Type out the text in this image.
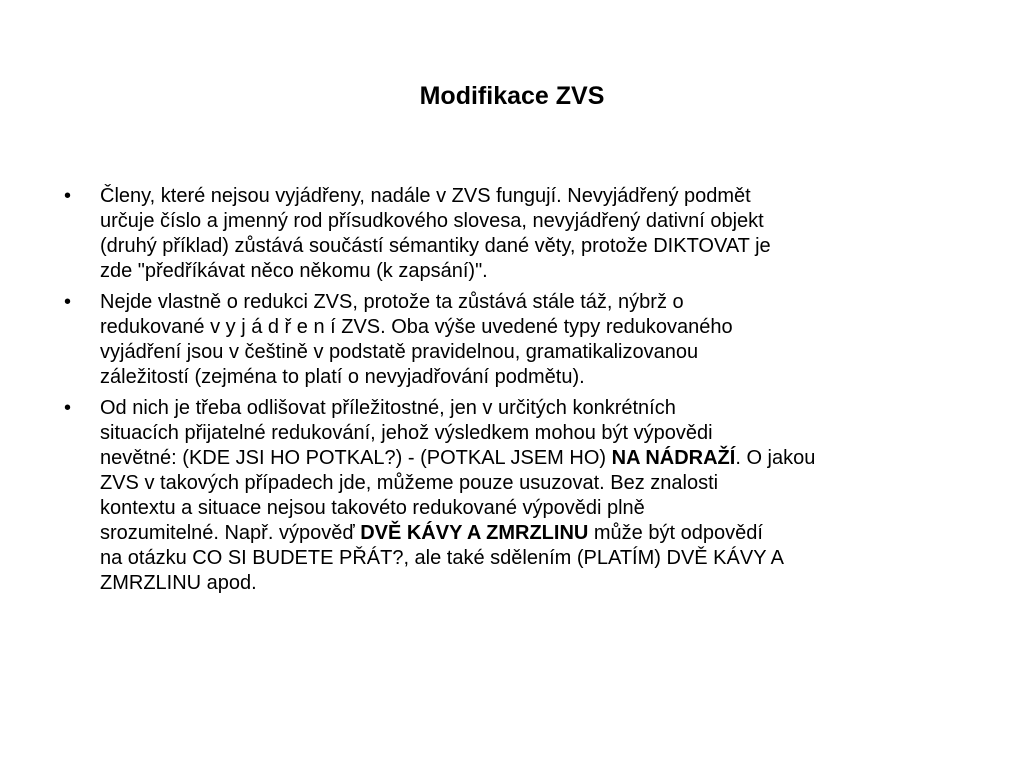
Modifikace ZVS
•	Členy, které nejsou vyjádřeny, nadále v ZVS fungují. Nevyjádřený podmět
určuje číslo a jmenný rod přísudkového slovesa, nevyjádřený dativní objekt
(druhý příklad) zůstává součástí sémantiky dané věty, protože DIKTOVAT je
zde "předříkávat něco někomu (k zapsání)".
•	Nejde vlastně o redukci ZVS, protože ta zůstává stále táž, nýbrž o
redukované v y j á d ř e n í ZVS. Oba výše uvedené typy redukovaného
vyjádření jsou v češtině v podstatě pravidelnou, gramatikalizovanou
záležitostí (zejména to platí o nevyjadřování podmětu).
•	Od nich je třeba odlišovat příležitostné, jen v určitých konkrétních
situacích přijatelné redukování, jehož výsledkem mohou být výpovědi
nevětné: (KDE JSI HO POTKAL?) - (POTKAL JSEM HO) NA NÁDRAŽÍ. O jakou
ZVS v takových případech jde, můžeme pouze usuzovat. Bez znalosti
kontextu a situace nejsou takovéto redukované výpovědi plně
srozumitelné. Např. výpověď DVĚ KÁVY A ZMRZLINU může být odpovědí
na otázku CO SI BUDETE PŘÁT?, ale také sdělením (PLATÍM) DVĚ KÁVY A
ZMRZLINU apod.
